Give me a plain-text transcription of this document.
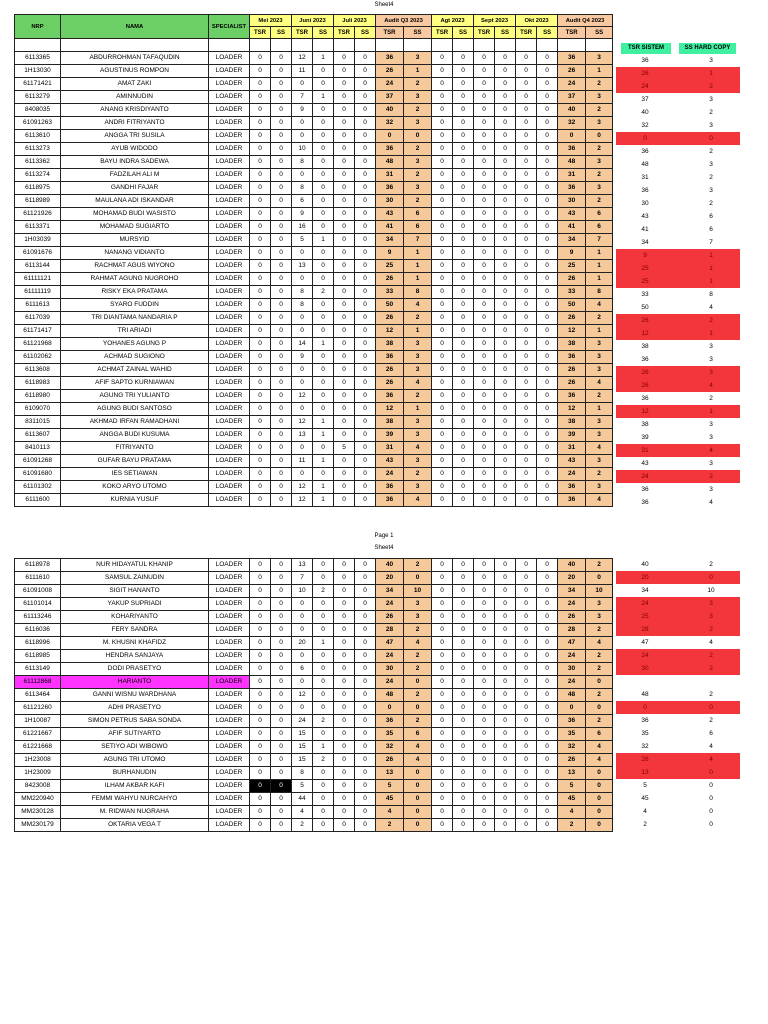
Sheet4
NRP	NAMA	SPECIALIST	Mei 2023		Juni 2023		Juli 2023		Audit Q3 2023		Agt 2023		Sept 2023		Okt 2023		Audit Q4 2023	
			TSR	SS	TSR	SS	TSR	SS	TSR	SS	TSR	SS	TSR	SS	TSR	SS	TSR	SS

6113365	ABDURROHMAN TAFAQUDIN	LOADER	0	0	12	1	0	0	36	3	0	0	0	0	0	0	36	3
1H13030	AGUSTINUS ROMPON	LOADER	0	0	11	0	0	0	26	1	0	0	0	0	0	0	26	1
61171421	AMAT ZAKI	LOADER	0	0	0	0	0	0	24	2	0	0	0	0	0	0	24	2
6113279	AMINNUDIN	LOADER	0	0	7	1	0	0	37	3	0	0	0	0	0	0	37	3
8408035	ANANG KRISDIYANTO	LOADER	0	0	9	0	0	0	40	2	0	0	0	0	0	0	40	2
61091263	ANDRI FITRIYANTO	LOADER	0	0	0	0	0	0	32	3	0	0	0	0	0	0	32	3
6113610	ANGGA TRI SUSILA	LOADER	0	0	0	0	0	0	0	0	0	0	0	0	0	0	0	0
6113273	AYUB WIDODO	LOADER	0	0	10	0	0	0	36	2	0	0	0	0	0	0	36	2
6113362	BAYU INDRA SADEWA	LOADER	0	0	8	0	0	0	48	3	0	0	0	0	0	0	48	3
6113274	FADZILAH ALI M	LOADER	0	0	0	0	0	0	31	2	0	0	0	0	0	0	31	2
6118975	GANDHI FAJAR	LOADER	0	0	8	0	0	0	36	3	0	0	0	0	0	0	36	3
6118989	MAULANA ADI ISKANDAR	LOADER	0	0	6	0	0	0	30	2	0	0	0	0	0	0	30	2
61121926	MOHAMAD BUDI WASISTO	LOADER	0	0	9	0	0	0	43	6	0	0	0	0	0	0	43	6
6113371	MOHAMAD SUGIARTO	LOADER	0	0	16	0	0	0	41	6	0	0	0	0	0	0	41	6
1H03039	MURSYID	LOADER	0	0	5	1	0	0	34	7	0	0	0	0	0	0	34	7
61091676	NANANG VIDIANTO	LOADER	0	0	0	0	0	0	9	1	0	0	0	0	0	0	9	1
6113144	RACHMAT AGUS WIYONO	LOADER	0	0	13	0	0	0	25	1	0	0	0	0	0	0	25	1
61111121	RAHMAT AGUNG NUGROHO	LOADER	0	0	0	0	0	0	26	1	0	0	0	0	0	0	26	1
61111119	RISKY EKA PRATAMA	LOADER	0	0	8	2	0	0	33	8	0	0	0	0	0	0	33	8
6111613	SYARO FUDDIN	LOADER	0	0	8	0	0	0	50	4	0	0	0	0	0	0	50	4
6117039	TRI DIANTAMA NANDARIA P	LOADER	0	0	0	0	0	0	26	2	0	0	0	0	0	0	26	2
61171417	TRI ARIADI	LOADER	0	0	0	0	0	0	12	1	0	0	0	0	0	0	12	1
61121968	YOHANES AGUNG P	LOADER	0	0	14	1	0	0	38	3	0	0	0	0	0	0	38	3
61102062	ACHMAD SUGIONO	LOADER	0	0	9	0	0	0	36	3	0	0	0	0	0	0	36	3
6113608	ACHMAT ZAINAL WAHID	LOADER	0	0	0	0	0	0	26	3	0	0	0	0	0	0	26	3
6118983	AFIF SAPTO KURNIAWAN	LOADER	0	0	0	0	0	0	26	4	0	0	0	0	0	0	26	4
6118980	AGUNG TRI YULIANTO	LOADER	0	0	12	0	0	0	36	2	0	0	0	0	0	0	36	2
6109070	AGUNG BUDI SANTOSO	LOADER	0	0	0	0	0	0	12	1	0	0	0	0	0	0	12	1
8311015	AKHMAD IRFAN RAMADHANI	LOADER	0	0	12	1	0	0	38	3	0	0	0	0	0	0	38	3
6113607	ANGGA BUDI KUSUMA	LOADER	0	0	13	1	0	0	39	3	0	0	0	0	0	0	39	3
8410113	FITRIYANTO	LOADER	0	0	0	0	5	0	31	4	0	0	0	0	0	0	31	4
61091268	GUFAR BAYU PRATAMA	LOADER	0	0	11	1	0	0	43	3	0	0	0	0	0	0	43	3
61091680	IES SETIAWAN	LOADER	0	0	0	0	0	0	24	2	0	0	0	0	0	0	24	2
61101302	KOKO ARYO UTOMO	LOADER	0	0	12	1	0	0	36	3	0	0	0	0	0	0	36	3
6111600	KURNIA YUSUF	LOADER	0	0	12	1	0	0	36	4	0	0	0	0	0	0	36	4
TSR SISTEM	SS HARD COPY
36		3
26		1
24		2
37		3
40		2
32		3
0		0
36		2
48		3
31		2
36		3
30		2
43		6
41		6
34		7
9		1
25		1
25		1
33		8
50		4
26		2
12		1
38		3
36		3
26		3
26		4
36		2
12		1
38		3
39		3
31		4
43		3
24		2
36		3
36		4
Page 1
Sheet4
6118978	NUR HIDAYATUL KHANIP	LOADER	0	0	13	0	0	0	40	2	0	0	0	0	0	0	40	2
6111610	SAMSUL ZAINUDIN	LOADER	0	0	7	0	0	0	20	0	0	0	0	0	0	0	20	0
61091008	SIGIT HANANTO	LOADER	0	0	10	2	0	0	34	10	0	0	0	0	0	0	34	10
61101014	YAKUP SUPRIADI	LOADER	0	0	0	0	0	0	24	3	0	0	0	0	0	0	24	3
61113246	KOHARIYANTO	LOADER	0	0	0	0	0	0	26	3	0	0	0	0	0	0	26	3
6116036	FERY SANDRA	LOADER	0	0	0	0	0	0	28	2	0	0	0	0	0	0	28	2
6118996	M. KHUSNI KHAFIDZ	LOADER	0	0	20	1	0	0	47	4	0	0	0	0	0	0	47	4
6118985	HENDRA SANJAYA	LOADER	0	0	0	0	0	0	24	2	0	0	0	0	0	0	24	2
6113149	DODI PRASETYO	LOADER	0	0	6	0	0	0	30	2	0	0	0	0	0	0	30	2
61112868	HARIANTO	LOADER	0	0	0	0	0	0	24	0	0	0	0	0	0	0	24	0
6113464	GANNI WISNU WARDHANA	LOADER	0	0	12	0	0	0	48	2	0	0	0	0	0	0	48	2
61121260	ADHI PRASETYO	LOADER	0	0	0	0	0	0	0	0	0	0	0	0	0	0	0	0
1H10087	SIMON PETRUS SABA SONDA	LOADER	0	0	24	2	0	0	36	2	0	0	0	0	0	0	36	2
61221667	AFIF SUTIYARTO	LOADER	0	0	15	0	0	0	35	6	0	0	0	0	0	0	35	6
61221668	SETIYO ADI WIBOWO	LOADER	0	0	15	1	0	0	32	4	0	0	0	0	0	0	32	4
1H23008	AGUNG TRI UTOMO	LOADER	0	0	15	2	0	0	26	4	0	0	0	0	0	0	26	4
1H23009	BURHANUDIN	LOADER	0	0	8	0	0	0	13	0	0	0	0	0	0	0	13	0
8423008	ILHAM AKBAR KAFI	LOADER	0	0	5	0	0	0	5	0	0	0	0	0	0	0	5	0
MM220940	FEMMI WAHYU NURCAHYO	LOADER	0	0	44	0	0	0	45	0	0	0	0	0	0	0	45	0
MM230128	M. RIDWAN NUGRAHA	LOADER	0	0	4	0	0	0	4	0	0	0	0	0	0	0	4	0
MM230179	OKTARIA VEGA T	LOADER	0	0	2	0	0	0	2	0	0	0	0	0	0	0	2	0
40		2
20		0
34		10
24		3
25		3
28		2
47		4
24		2
30		2

48		2
0		0
36		2
35		6
32		4
26		4
13		0
5		0
45		0
4		0
2		0
